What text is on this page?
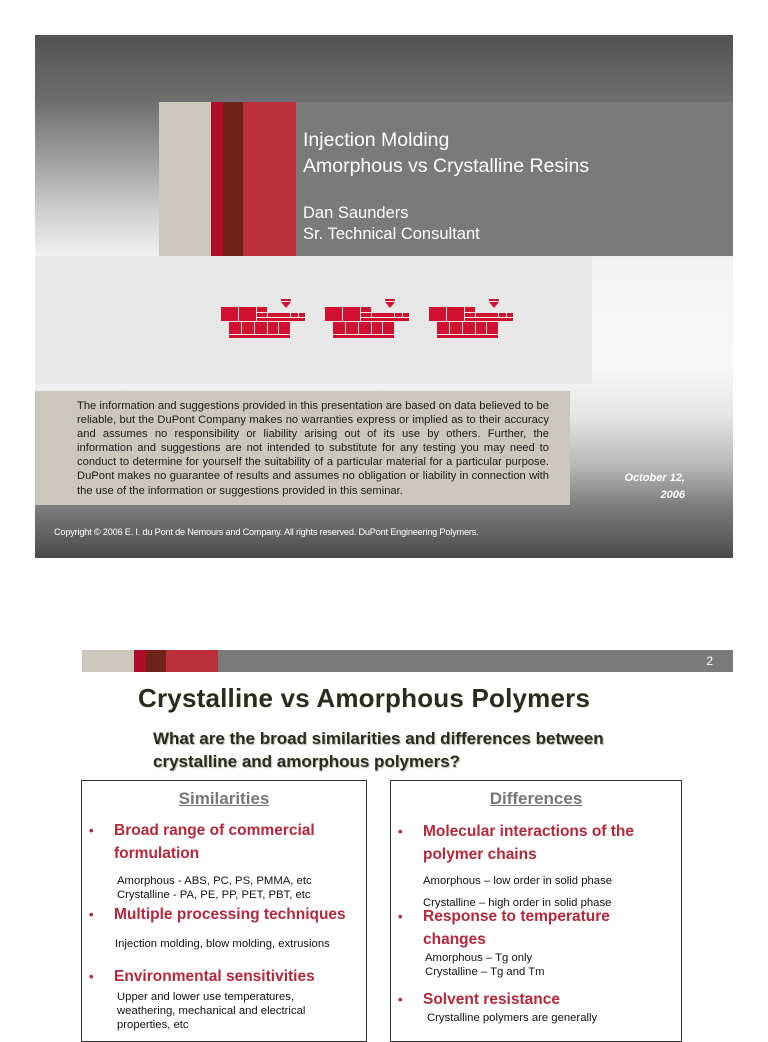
Injection Molding
Amorphous vs Crystalline Resins
Dan Saunders
Sr. Technical Consultant
The information and suggestions provided in this presentation are based on data believed to be reliable, but the DuPont Company makes no warranties express or implied as to their accuracy and assumes no responsibility or liability arising out of its use by others. Further, the information and suggestions are not intended to substitute for any testing you may need to conduct to determine for yourself the suitability of a particular material for a particular purpose. DuPont makes no guarantee of results and assumes no obligation or liability in connection with the use of the information or suggestions provided in this seminar.
October 12,
2006
Copyright © 2006 E. I. du Pont de Nemours and Company. All rights reserved. DuPont Engineering Polymers.
2
Crystalline vs Amorphous Polymers
What are the broad similarities and differences between
crystalline and amorphous polymers?
Similarities
• Broad range of commercial
formulation
Amorphous - ABS, PC, PS, PMMA, etc
Crystalline - PA, PE, PP, PET, PBT, etc
• Multiple processing techniques
Injection molding, blow molding, extrusions
• Environmental sensitivities
Upper and lower use temperatures,
weathering, mechanical and electrical
properties, etc
Differences
• Molecular interactions of the
polymer chains
Amorphous – low order in solid phase
Crystalline – high order in solid phase
• Response to temperature
changes
Amorphous – Tg only
Crystalline – Tg and Tm
• Solvent resistance
Crystalline polymers are generally
